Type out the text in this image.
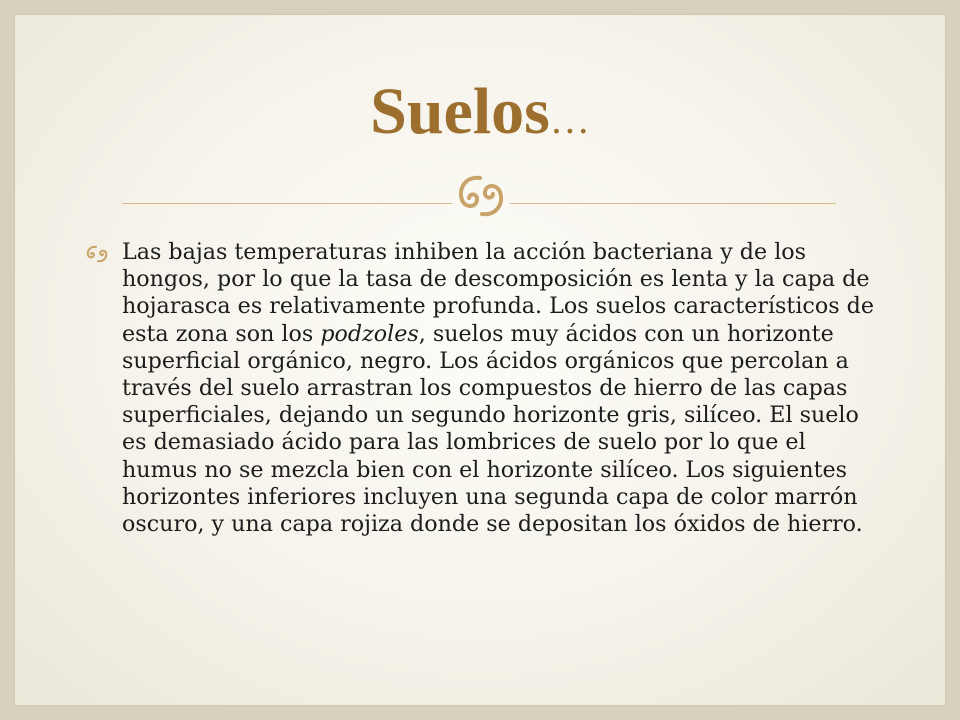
Suelos…
Las bajas temperaturas inhiben la acción bacteriana y de los hongos, por lo que la tasa de descomposición es lenta y la capa de hojarasca es relativamente profunda. Los suelos característicos de esta zona son los podzoles, suelos muy ácidos con un horizonte superficial orgánico, negro. Los ácidos orgánicos que percolan a través del suelo arrastran los compuestos de hierro de las capas superficiales, dejando un segundo horizonte gris, silíceo. El suelo es demasiado ácido para las lombrices de suelo por lo que el humus no se mezcla bien con el horizonte silíceo. Los siguientes horizontes inferiores incluyen una segunda capa de color marrón oscuro, y una capa rojiza donde se depositan los óxidos de hierro.
